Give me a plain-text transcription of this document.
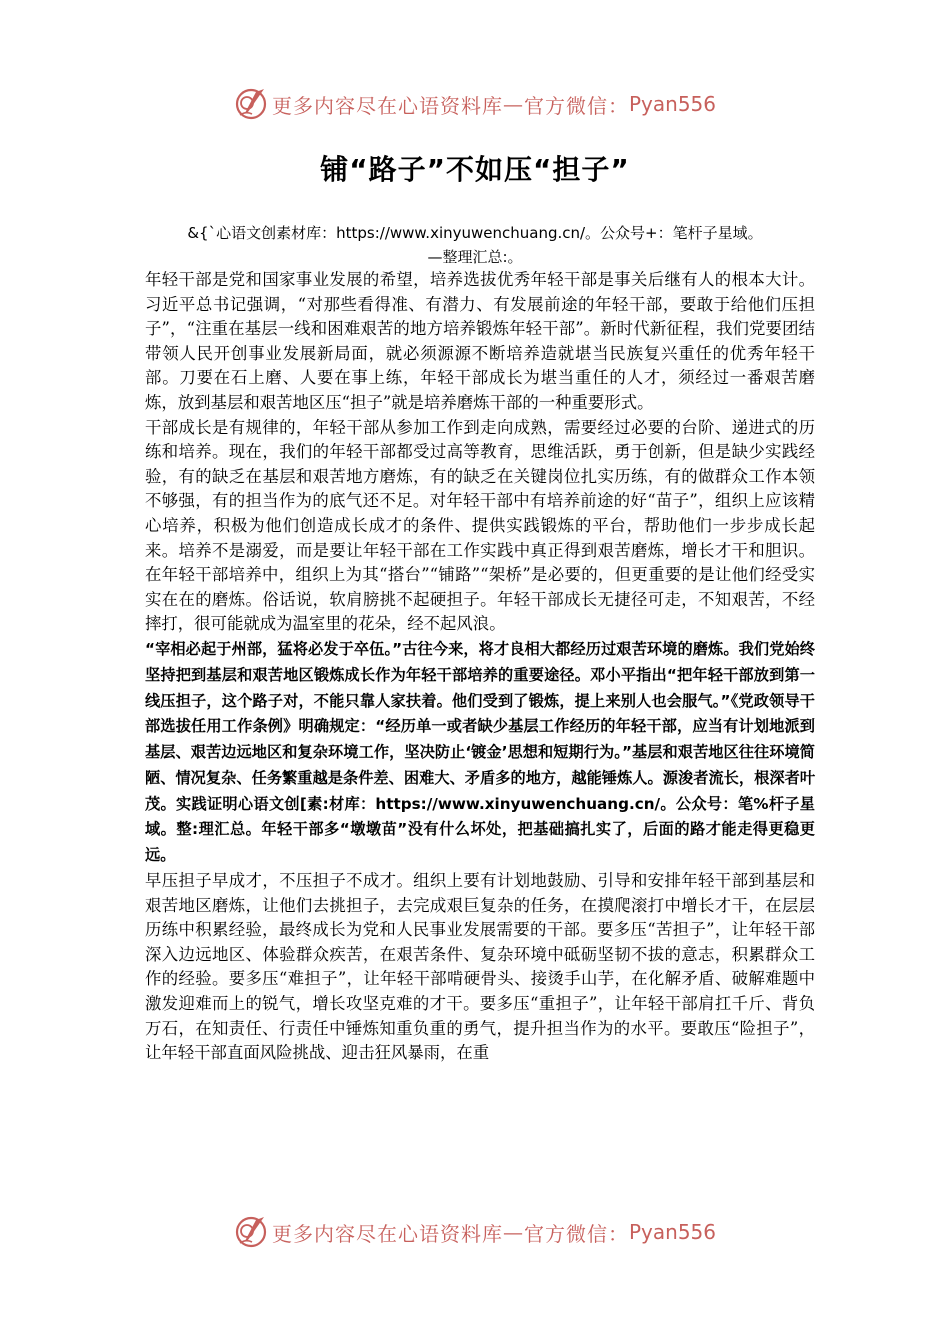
更多内容尽在心语资料库 — 官方微信： Pyan556
铺“路子”不如压“担子”
&{`心语文创素材库：https://www.xinyuwenchuang.cn/。公众号+：笔杆子星域。
—整理汇总:。

年轻干部是党和国家事业发展的希望，培养选拔优秀年轻干部是事关后继有人的根本大计。习近平总书记强调，“对那些看得准、有潜力、有发展前途的年轻干部，要敢于给他们压担子”，“注重在基层一线和困难艰苦的地方培养锻炼年轻干部”。新时代新征程，我们党要团结带领人民开创事业发展新局面，就必须源源不断培养造就堪当民族复兴重任的优秀年轻干部。刀要在石上磨、人要在事上练，年轻干部成长为堪当重任的人才，须经过一番艰苦磨炼，放到基层和艰苦地区压“担子”就是培养磨炼干部的一种重要形式。

干部成长是有规律的，年轻干部从参加工作到走向成熟，需要经过必要的台阶、递进式的历练和培养。现在，我们的年轻干部都受过高等教育，思维活跃，勇于创新，但是缺少实践经验，有的缺乏在基层和艰苦地方磨炼，有的缺乏在关键岗位扎实历练，有的做群众工作本领不够强，有的担当作为的底气还不足。对年轻干部中有培养前途的好“苗子”，组织上应该精心培养，积极为他们创造成长成才的条件、提供实践锻炼的平台，帮助他们一步步成长起来。培养不是溺爱，而是要让年轻干部在工作实践中真正得到艰苦磨炼，增长才干和胆识。在年轻干部培养中，组织上为其“搭台”“铺路”“架桥”是必要的，但更重要的是让他们经受实实在在的磨炼。俗话说，软肩膀挑不起硬担子。年轻干部成长无捷径可走，不知艰苦，不经摔打，很可能就成为温室里的花朵，经不起风浪。

“宰相必起于州部，猛将必发于卒伍。”古往今来，将才良相大都经历过艰苦环境的磨炼。我们党始终坚持把到基层和艰苦地区锻炼成长作为年轻干部培养的重要途径。邓小平指出“把年轻干部放到第一线压担子，这个路子对，不能只靠人家扶着。他们受到了锻炼，提上来别人也会服气。”《党政领导干部选拔任用工作条例》明确规定：“经历单一或者缺少基层工作经历的年轻干部，应当有计划地派到基层、艰苦边远地区和复杂环境工作，坚决防止‘镀金’思想和短期行为。”基层和艰苦地区往往环境简陋、情况复杂、任务繁重越是条件差、困难大、矛盾多的地方，越能锤炼人。源浚者流长，根深者叶茂。实践证明心语文创[素:材库：https://www.xinyuwenchuang.cn/。公众号：笔%杆子星域。整:理汇总。年轻干部多“墩墩苗”没有什么坏处，把基础搞扎实了，后面的路才能走得更稳更远。

早压担子早成才，不压担子不成才。组织上要有计划地鼓励、引导和安排年轻干部到基层和艰苦地区磨炼，让他们去挑担子，去完成艰巨复杂的任务，在摸爬滚打中增长才干，在层层历练中积累经验，最终成长为党和人民事业发展需要的干部。要多压“苦担子”，让年轻干部深入边远地区、体验群众疾苦，在艰苦条件、复杂环境中砥砺坚韧不拔的意志，积累群众工作的经验。要多压“难担子”，让年轻干部啃硬骨头、接烫手山芋，在化解矛盾、破解难题中激发迎难而上的锐气，增长攻坚克难的才干。要多压“重担子”，让年轻干部肩扛千斤、背负万石，在知责任、行责任中锤炼知重负重的勇气，提升担当作为的水平。要敢压“险担子”，让年轻干部直面风险挑战、迎击狂风暴雨，在重

更多内容尽在心语资料库 — 官方微信： Pyan556
